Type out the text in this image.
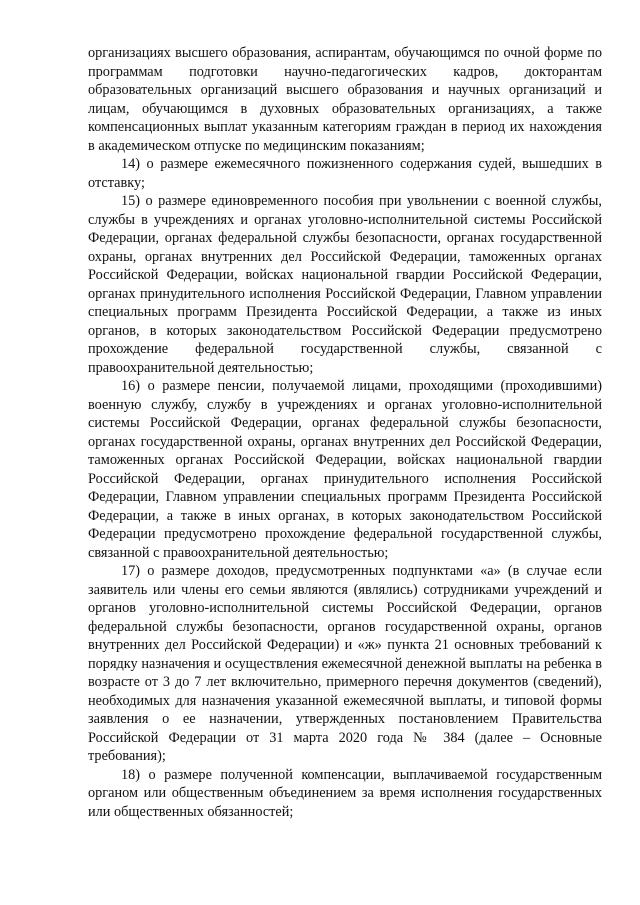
организациях высшего образования, аспирантам, обучающимся по очной форме по программам подготовки научно-педагогических кадров, докторантам образовательных организаций высшего образования и научных организаций и лицам, обучающимся в духовных образовательных организациях, а также компенсационных выплат указанным категориям граждан в период их нахождения в академическом отпуске по медицинским показаниям;

14) о размере ежемесячного пожизненного содержания судей, вышедших в отставку;

15) о размере единовременного пособия при увольнении с военной службы, службы в учреждениях и органах уголовно-исполнительной системы Российской Федерации, органах федеральной службы безопасности, органах государственной охраны, органах внутренних дел Российской Федерации, таможенных органах Российской Федерации, войсках национальной гвардии Российской Федерации, органах принудительного исполнения Российской Федерации, Главном управлении специальных программ Президента Российской Федерации, а также из иных органов, в которых законодательством Российской Федерации предусмотрено прохождение федеральной государственной службы, связанной с правоохранительной деятельностью;

16) о размере пенсии, получаемой лицами, проходящими (проходившими) военную службу, службу в учреждениях и органах уголовно-исполнительной системы Российской Федерации, органах федеральной службы безопасности, органах государственной охраны, органах внутренних дел Российской Федерации, таможенных органах Российской Федерации, войсках национальной гвардии Российской Федерации, органах принудительного исполнения Российской Федерации, Главном управлении специальных программ Президента Российской Федерации, а также в иных органах, в которых законодательством Российской Федерации предусмотрено прохождение федеральной государственной службы, связанной с правоохранительной деятельностью;

17) о размере доходов, предусмотренных подпунктами «а» (в случае если заявитель или члены его семьи являются (являлись) сотрудниками учреждений и органов уголовно-исполнительной системы Российской Федерации, органов федеральной службы безопасности, органов государственной охраны, органов внутренних дел Российской Федерации) и «ж» пункта 21 основных требований к порядку назначения и осуществления ежемесячной денежной выплаты на ребенка в возрасте от 3 до 7 лет включительно, примерного перечня документов (сведений), необходимых для назначения указанной ежемесячной выплаты, и типовой формы заявления о ее назначении, утвержденных постановлением Правительства Российской Федерации от 31 марта 2020 года № 384 (далее – Основные требования);

18) о размере полученной компенсации, выплачиваемой государственным органом или общественным объединением за время исполнения государственных или общественных обязанностей;
